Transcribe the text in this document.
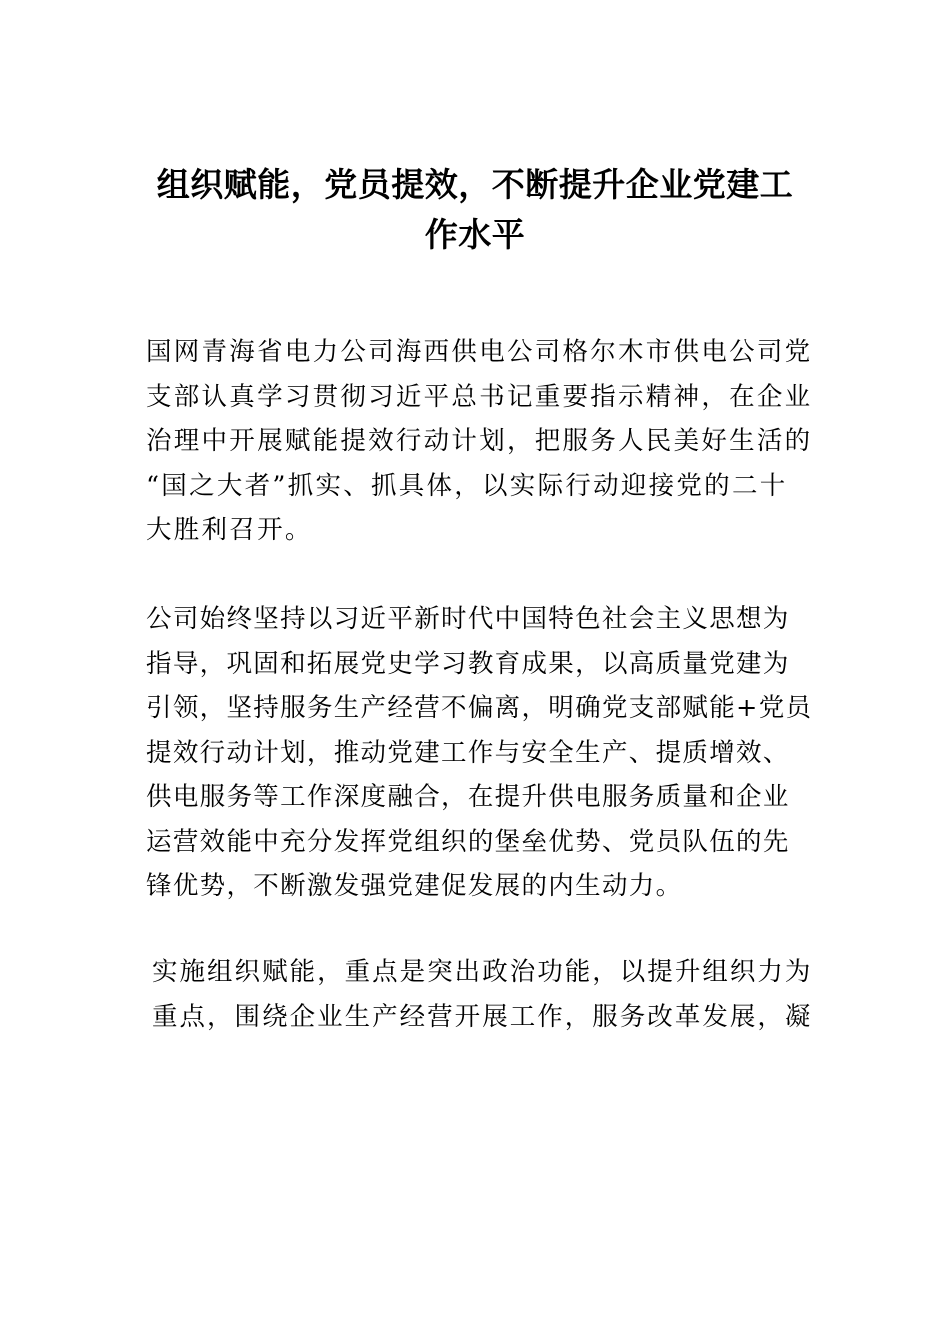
组织赋能，党员提效，不断提升企业党建工
作水平
国网青海省电力公司海西供电公司格尔木市供电公司党
支部认真学习贯彻习近平总书记重要指示精神，在企业
治理中开展赋能提效行动计划，把服务人民美好生活的
“国之大者”抓实、抓具体，以实际行动迎接党的二十
大胜利召开。
公司始终坚持以习近平新时代中国特色社会主义思想为
指导，巩固和拓展党史学习教育成果，以高质量党建为
引领，坚持服务生产经营不偏离，明确党支部赋能+党员
提效行动计划，推动党建工作与安全生产、提质增效、
供电服务等工作深度融合，在提升供电服务质量和企业
运营效能中充分发挥党组织的堡垒优势、党员队伍的先
锋优势，不断激发强党建促发展的内生动力。
实施组织赋能，重点是突出政治功能，以提升组织力为
重点，围绕企业生产经营开展工作，服务改革发展，凝
